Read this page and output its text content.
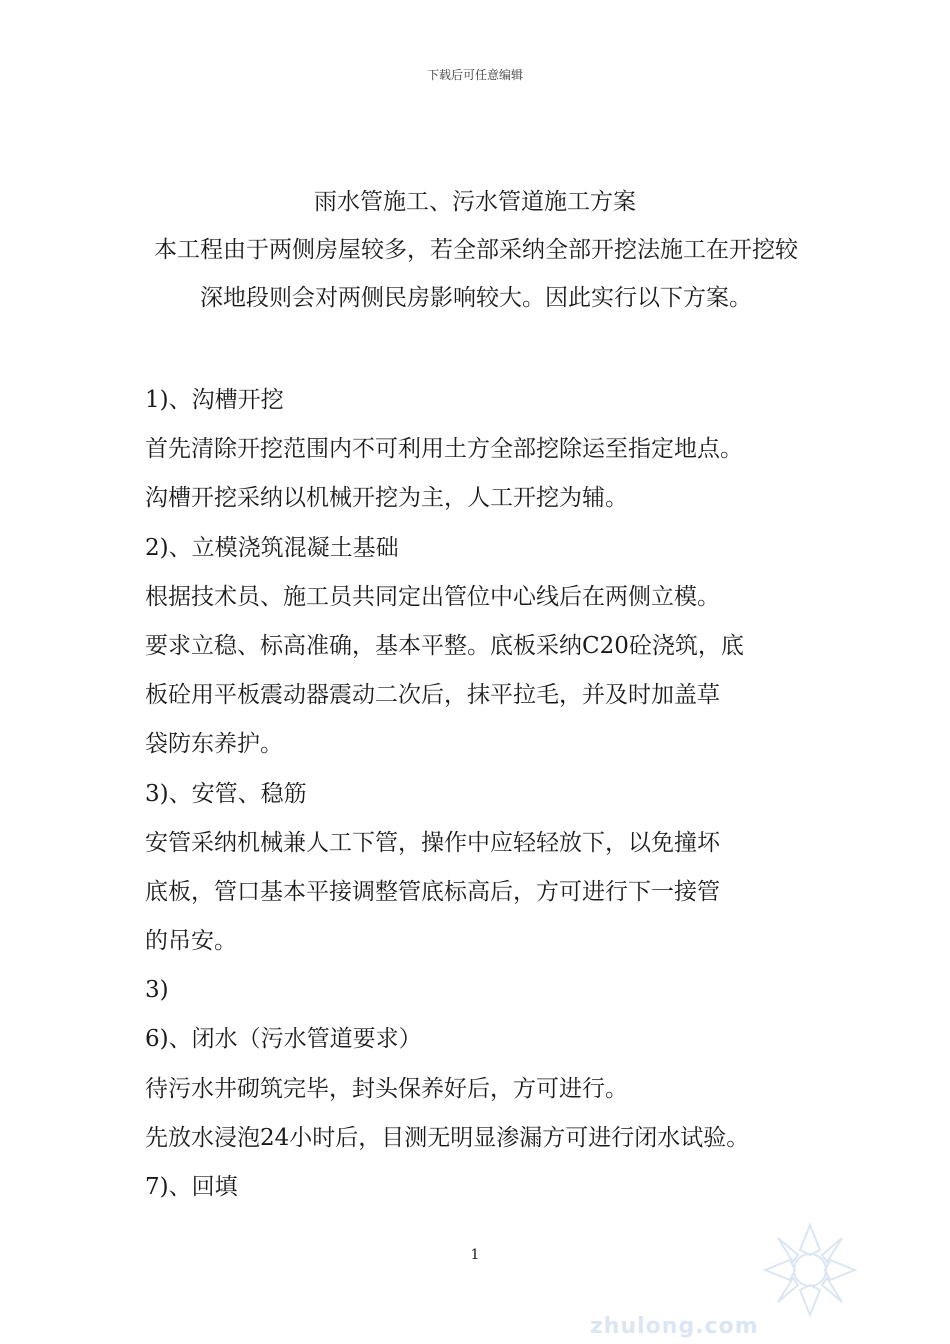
下载后可任意编辑
雨水管施工、污水管道施工方案
本工程由于两侧房屋较多，若全部采纳全部开挖法施工在开挖较深地段则会对两侧民房影响较大。因此实行以下方案。
1)、沟槽开挖
首先清除开挖范围内不可利用土方全部挖除运至指定地点。
沟槽开挖采纳以机械开挖为主，人工开挖为辅。
2)、立模浇筑混凝土基础
根据技术员、施工员共同定出管位中心线后在两侧立模。
要求立稳、标高准确，基本平整。底板采纳C20砼浇筑，底
板砼用平板震动器震动二次后，抹平拉毛，并及时加盖草
袋防东养护。
3)、安管、稳筋
安管采纳机械兼人工下管，操作中应轻轻放下，以免撞坏
底板，管口基本平接调整管底标高后，方可进行下一接管
的吊安。
3)
6)、闭水（污水管道要求）
待污水井砌筑完毕，封头保养好后，方可进行。
先放水浸泡24小时后，目测无明显渗漏方可进行闭水试验。
7)、回填
1
zhulong.com
